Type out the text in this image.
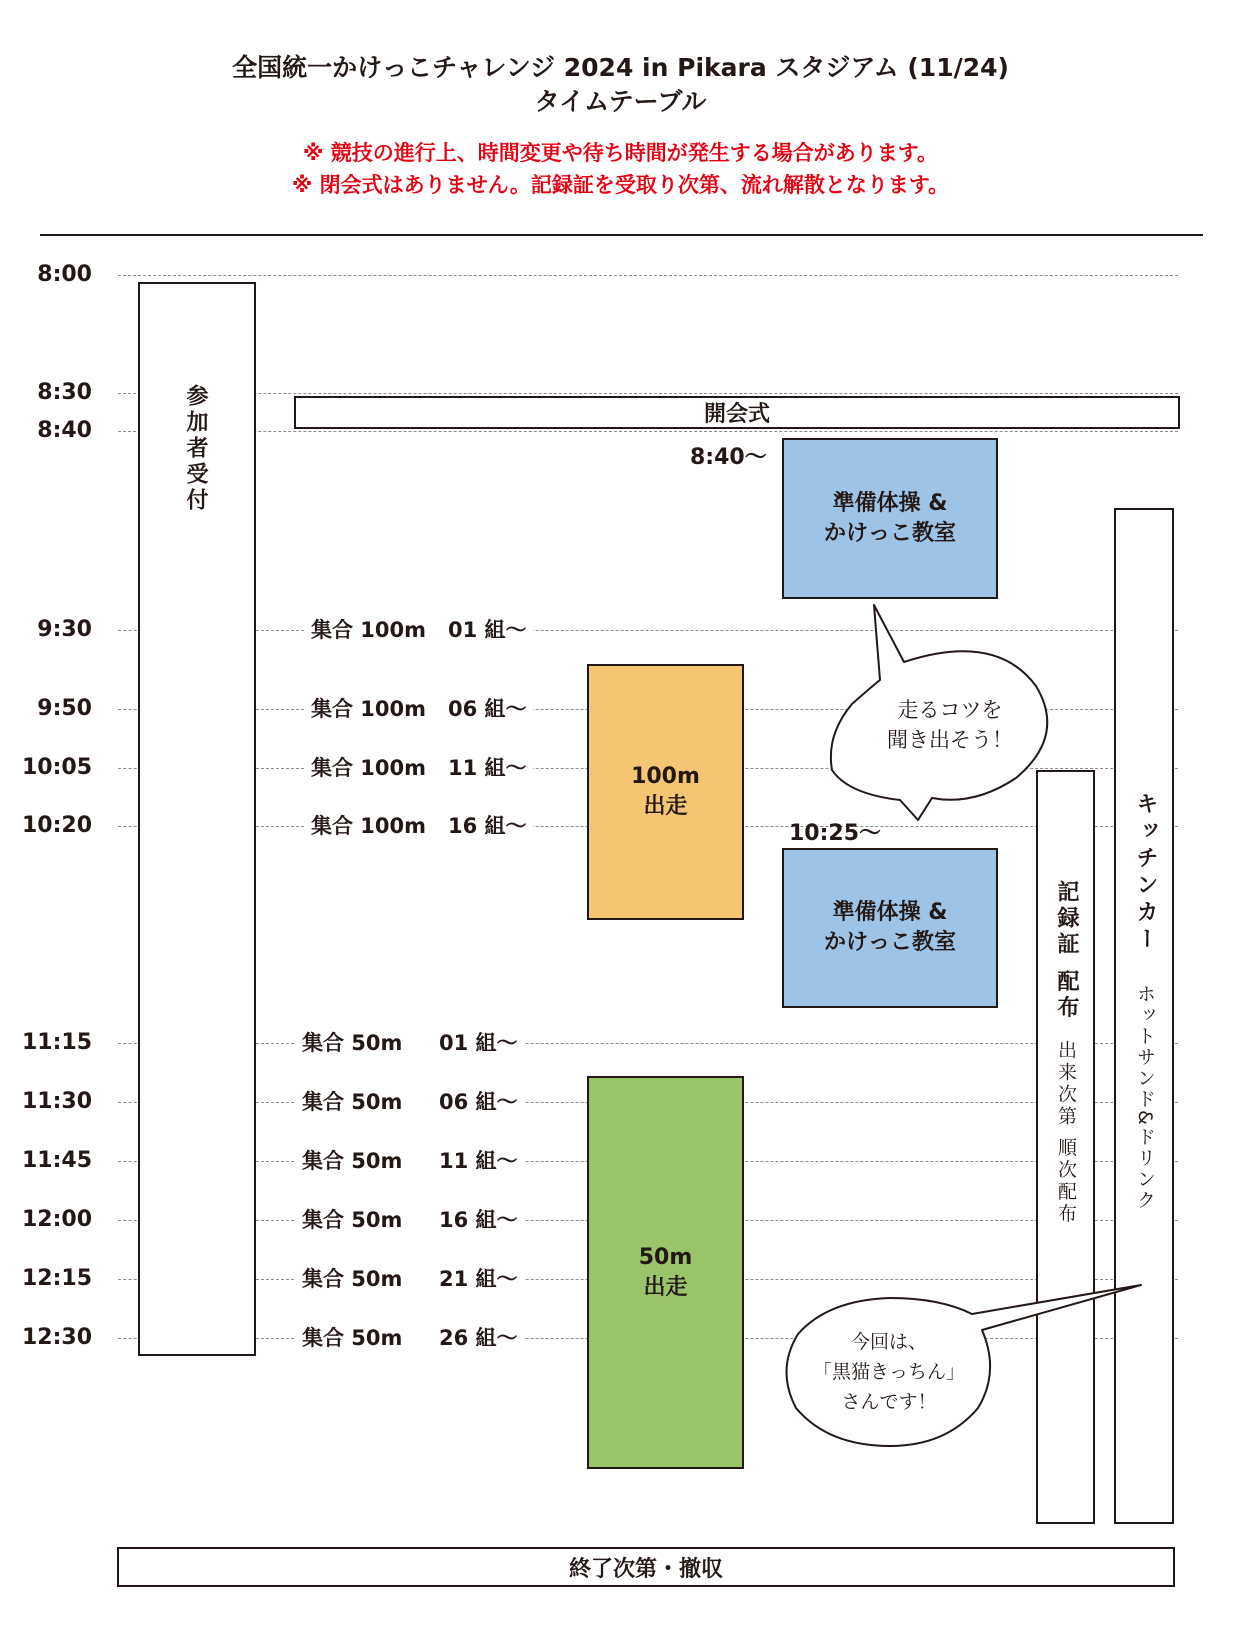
全国統一かけっこチャレンジ 2024 in Pikara スタジアム (11/24)
タイムテーブル
※ 競技の進行上、時間変更や待ち時間が発生する場合があります。
※ 閉会式はありません。記録証を受取り次第、流れ解散となります。
8:00
8:30
8:40
9:30
9:50
10:05
10:20
11:15
11:30
11:45
12:00
12:15
12:30
参加者受付	開会式
集合 100m 01 組〜
集合 100m 06 組〜
集合 100m 11 組〜
集合 100m 16 組〜
集合 50m 01 組〜
集合 50m 06 組〜
集合 50m 11 組〜
集合 50m 16 組〜
集合 50m 21 組〜
集合 50m 26 組〜
100m
出走
50m
出走
8:40〜
準備体操 &
かけっこ教室
10:25〜
準備体操 &
かけっこ教室	記録証 配布出来次第 順次配布
キッチンカーホットサンド&ドリンク
走るコツを
聞き出そう！
今回は、
「黒猫きっちん」
さんです！
終了次第・撤収
